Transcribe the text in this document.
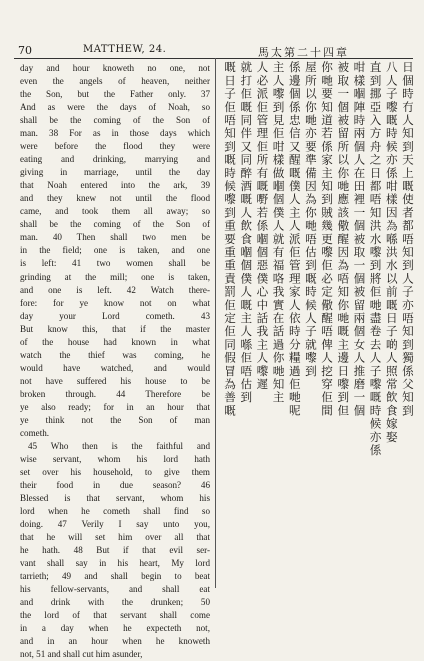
70	MATTHEW, 24.	馬太第二十四章
day and hour knoweth no one, not
even the angels of heaven, neither
the Son, but the Father only. 37
And as were the days of Noah, so
shall be the coming of the Son of
man. 38 For as in those days which
were before the flood they were
eating and drinking, marrying and
giving in marriage, until the day
that Noah entered into the ark, 39
and they knew not until the flood
came, and took them all away; so
shall be the coming of the Son of
man. 40 Then shall two men be
in the field; one is taken, and one
is left: 41 two women shall be
grinding at the mill; one is taken,
and one is left. 42 Watch there-
fore: for ye know not on what
day your Lord cometh. 43
But know this, that if the master
of the house had known in what
watch the thief was coming, he
would have watched, and would
not have suffered his house to be
broken through. 44 Therefore be
ye also ready; for in an hour that
ye think not the Son of man
cometh.
45 Who then is the faithful and
wise servant, whom his lord hath
set over his household, to give them
their food in due season? 46
Blessed is that servant, whom his
lord when he cometh shall find so
doing. 47 Verily I say unto you,
that he will set him over all that
he hath. 48 But if that evil ser-
vant shall say in his heart, My lord
tarrieth; 49 and shall begin to beat
his fellow-servants, and shall eat
and drink with the drunken; 50
the lord of that servant shall come
in a day when he expecteth not,
and in an hour when he knoweth
not, 51 and shall cut him asunder,
日個時冇人知到天上嘅使者都唔知到人子亦唔知到獨係父知到
八人子嚟嘅時候亦係咁樣因為喺洪水以前嘅日子啲人照常飲食嫁娶
直到挪亞入方舟之日都唔知洪水嚟到將佢哋盡卷去人子嚟嘅時候亦係
咁樣嗰陣時兩個人在田裡一個被取一個被留兩個女人推磨一個
被取一個被留所以你哋應該儆醒因為唔知你哋嘅主邊日嚟到但
你哋要知道若係家主知到賊幾更嚟佢必定儆醒唔俾人挖穿佢間
屋所以你哋亦要準備因為你哋唔估到嘅時候人子就嚟到
係邊個係忠信又醒嘅僕人主人派佢管理家人依時分糧過佢哋呢
主人嚟到見佢咁樣做嗰個僕人就有福咯我實在話過你哋知主
人必派佢管理佢所有嘅嘢若係嗰個惡僕心中話我主人嚟遲
就打佢嘅同伴又同醉酒嘅人飲食嗰個僕人嘅主人喺佢唔估到
嘅日子佢唔知到嘅時候嚟到重要重重責罰佢定佢同假冒為善嘅
